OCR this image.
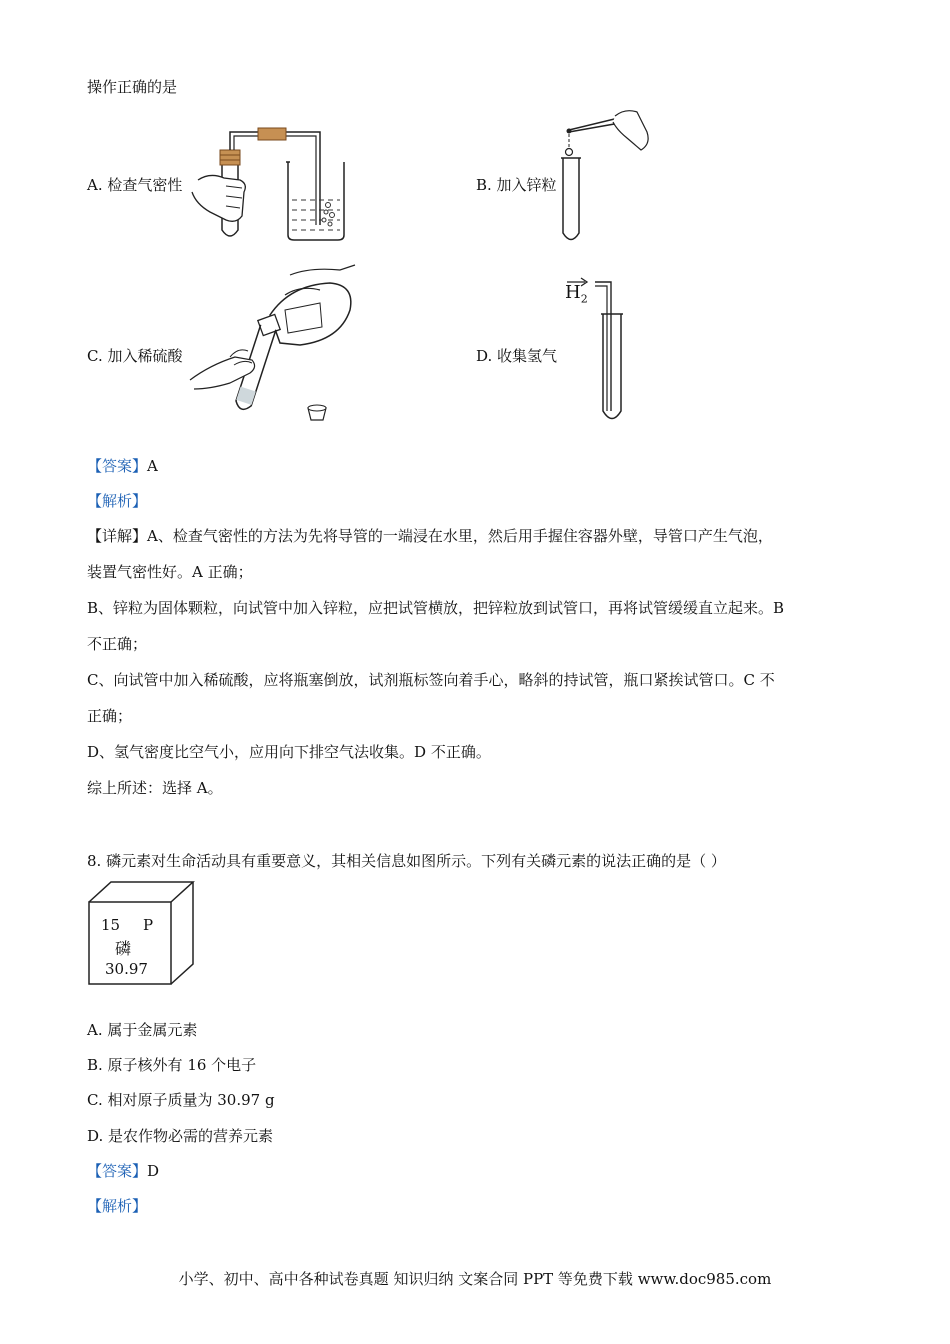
操作正确的是
A. 检查气密性	B. 加入锌粒
C. 加入稀硫酸	D. 收集氢气
$H_2$
【答案】A
【解析】
【详解】A、检查气密性的方法为先将导管的一端浸在水里，然后用手握住容器外壁，导管口产生气泡，
装置气密性好。A 正确；
B、锌粒为固体颗粒，向试管中加入锌粒，应把试管横放，把锌粒放到试管口，再将试管缓缓直立起来。B
不正确；
C、向试管中加入稀硫酸，应将瓶塞倒放，试剂瓶标签向着手心，略斜的持试管，瓶口紧挨试管口。C 不
正确；
D、氢气密度比空气小，应用向下排空气法收集。D 不正确。
综上所述：选择 A。
8. 磷元素对生命活动具有重要意义，其相关信息如图所示。下列有关磷元素的说法正确的是（ ）
15 P
磷
30.97
A. 属于金属元素
B. 原子核外有 16 个电子
C. 相对原子质量为 30.97 g
D. 是农作物必需的营养元素
【答案】D
【解析】
小学、初中、高中各种试卷真题 知识归纳 文案合同 PPT 等免费下载 www.doc985.com
